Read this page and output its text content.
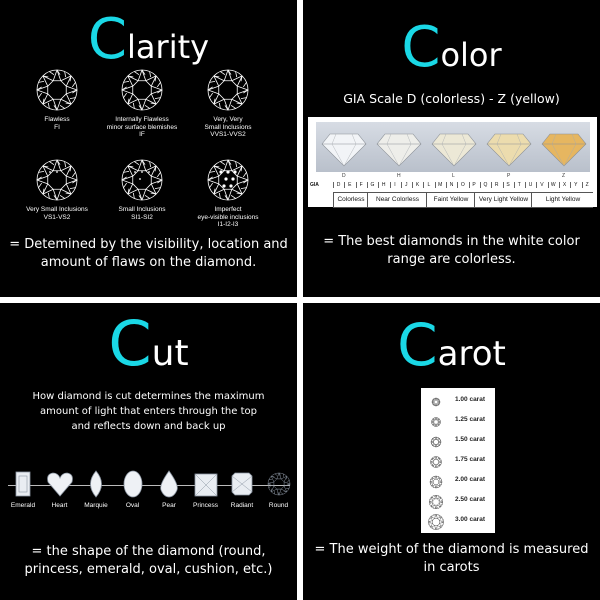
Clarity
Flawless
FI
Internally Flawless
minor surface blemishes
IF
Very, Very
Small Inclusions
VVS1-VVS2
Very Small Inclusions
VS1-VS2
Small Inclusions
SI1-SI2
Imperfect
eye-visible inclusions
I1-I2-I3
= Detemined by the visibility, location and amount of flaws on the diamond.
Color
GIA Scale D (colorless) - Z (yellow)
D	H	L	P	Z
GIA	D	E	F	G	H	I	J	K	L	M	N	O	P	Q	R	S	T	U	V	W	X	Y	Z
Colorless	Near Colorless	Faint Yellow	Very Light Yellow	Light Yellow
= The best diamonds in the white color range are colorless.
Cut
How diamond is cut determines the maximum amount of light that enters through the top and reflects down and back up
Emerald	Heart	Marquie	Oval	Pear	Princess	Radiant	Round
= the shape of the diamond (round, princess, emerald, oval, cushion, etc.)
Carot
1.00 carat
1.25 carat
1.50 carat
1.75 carat
2.00 carat
2.50 carat
3.00 carat
= The weight of the diamond is measured in carots
